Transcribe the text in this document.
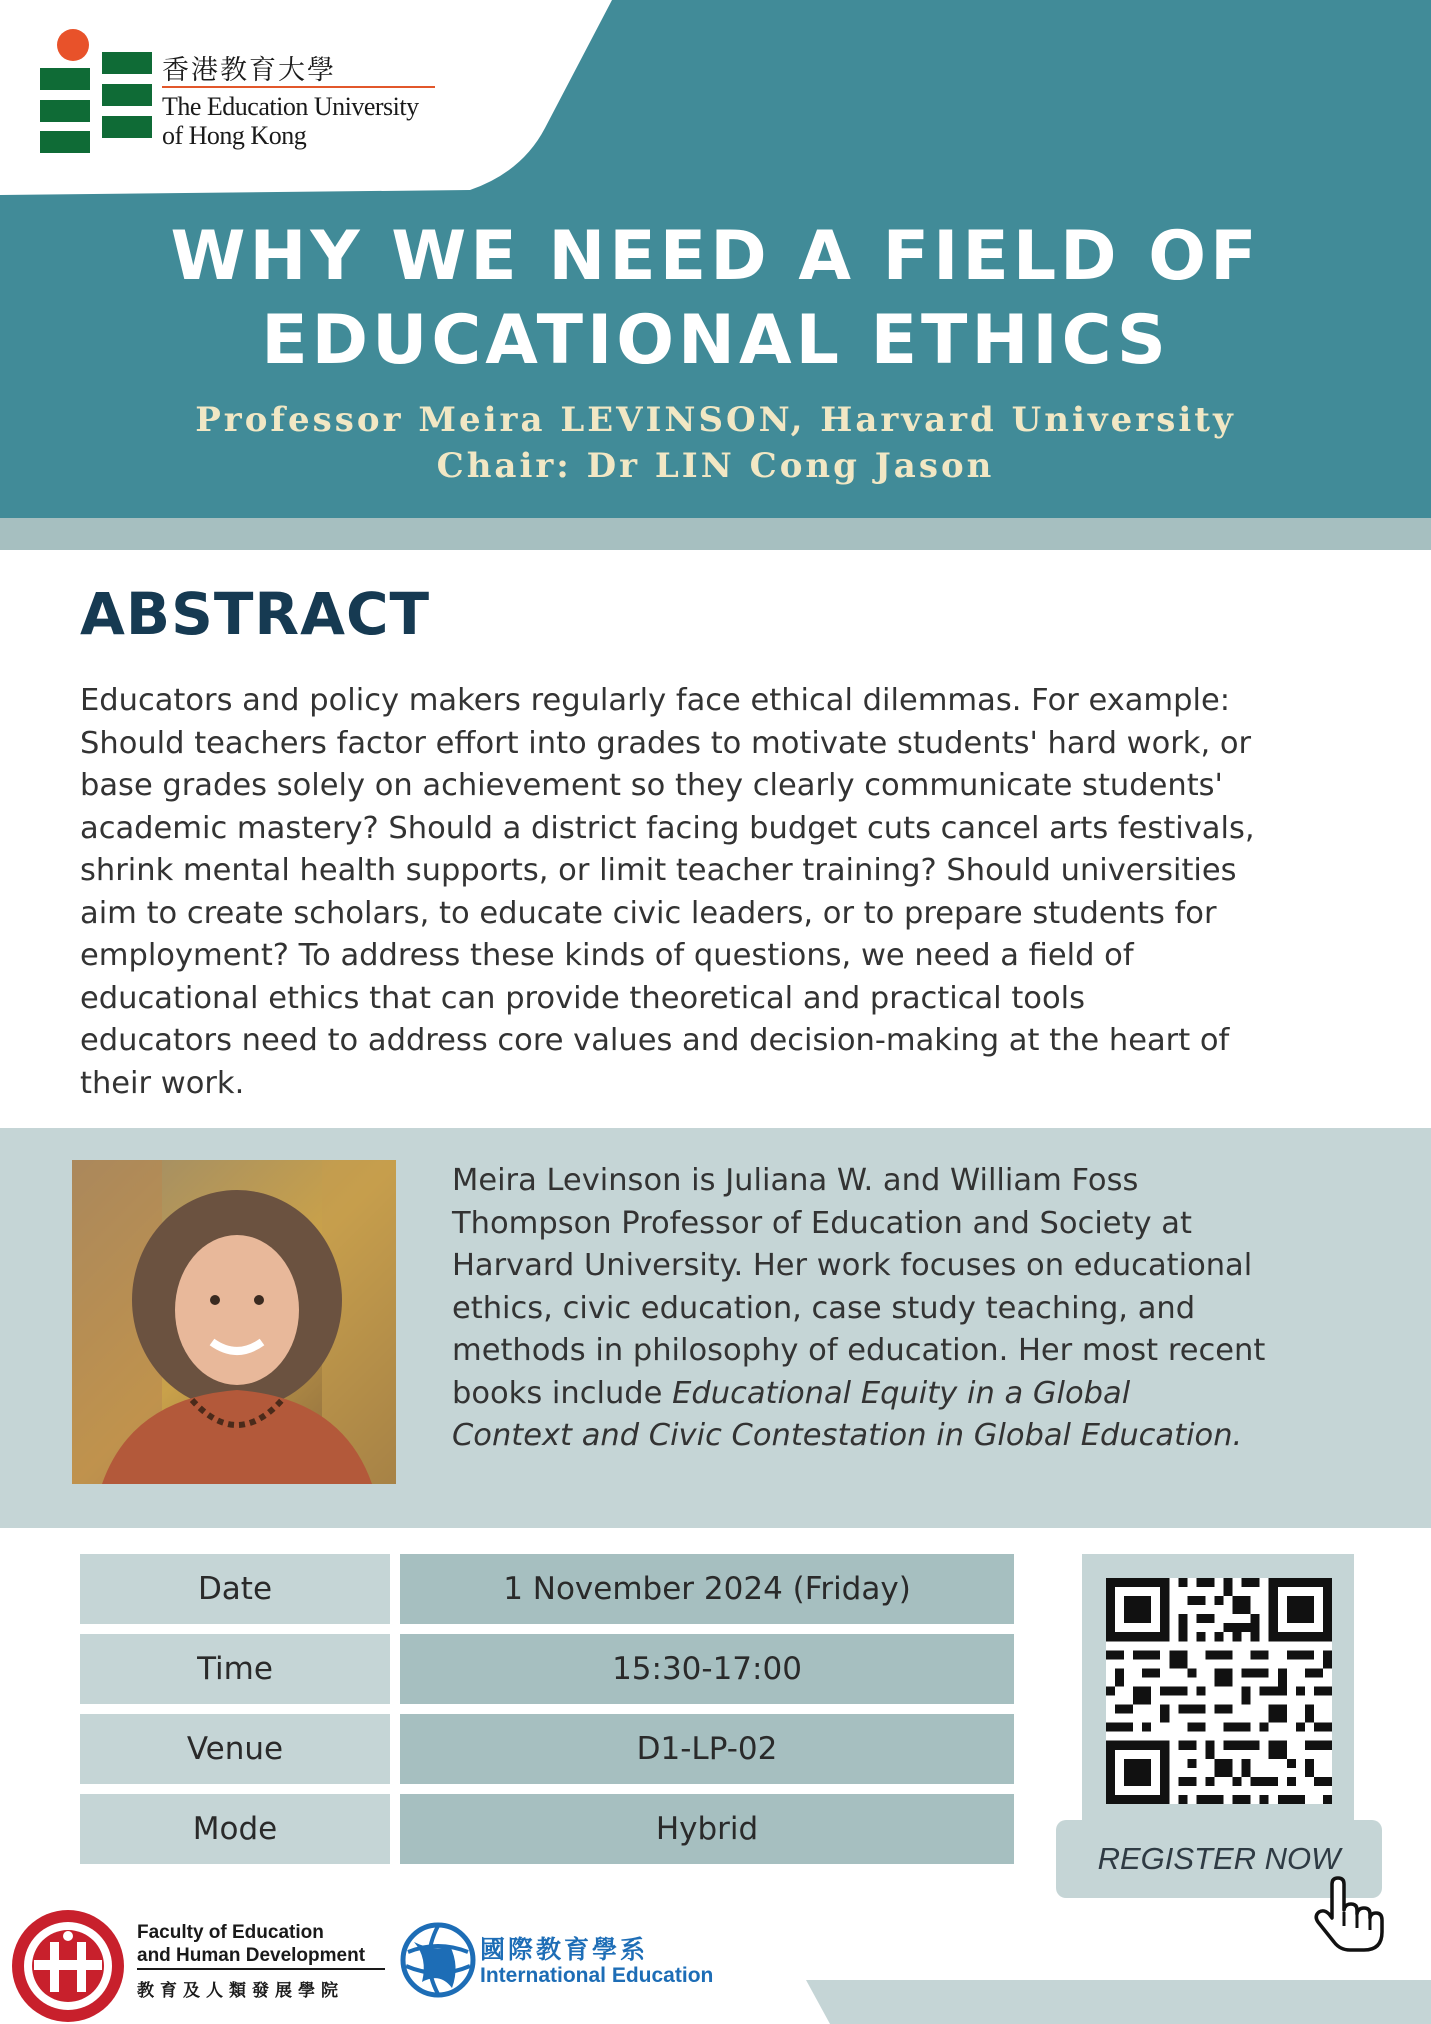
香港教育大學
The Education University
of Hong Kong
WHY WE NEED A FIELD OF
EDUCATIONAL ETHICS
Professor Meira LEVINSON, Harvard University
Chair: Dr LIN Cong Jason
ABSTRACT
Educators and policy makers regularly face ethical dilemmas. For example:
Should teachers factor effort into grades to motivate students' hard work, or
base grades solely on achievement so they clearly communicate students'
academic mastery? Should a district facing budget cuts cancel arts festivals,
shrink mental health supports, or limit teacher training? Should universities
aim to create scholars, to educate civic leaders, or to prepare students for
employment? To address these kinds of questions, we need a field of
educational ethics that can provide theoretical and practical tools
educators need to address core values and decision-making at the heart of
their work.
Meira Levinson is Juliana W. and William Foss
Thompson Professor of Education and Society at
Harvard University. Her work focuses on educational
ethics, civic education, case study teaching, and
methods in philosophy of education. Her most recent
books include Educational Equity in a Global
Context and Civic Contestation in Global Education.
Date	1 November 2024 (Friday)
Time	15:30-17:00
Venue	D1-LP-02
Mode	Hybrid
REGISTER NOW
Faculty of Education
and Human Development
教育及人類發展學院
國際教育學系
International Education
